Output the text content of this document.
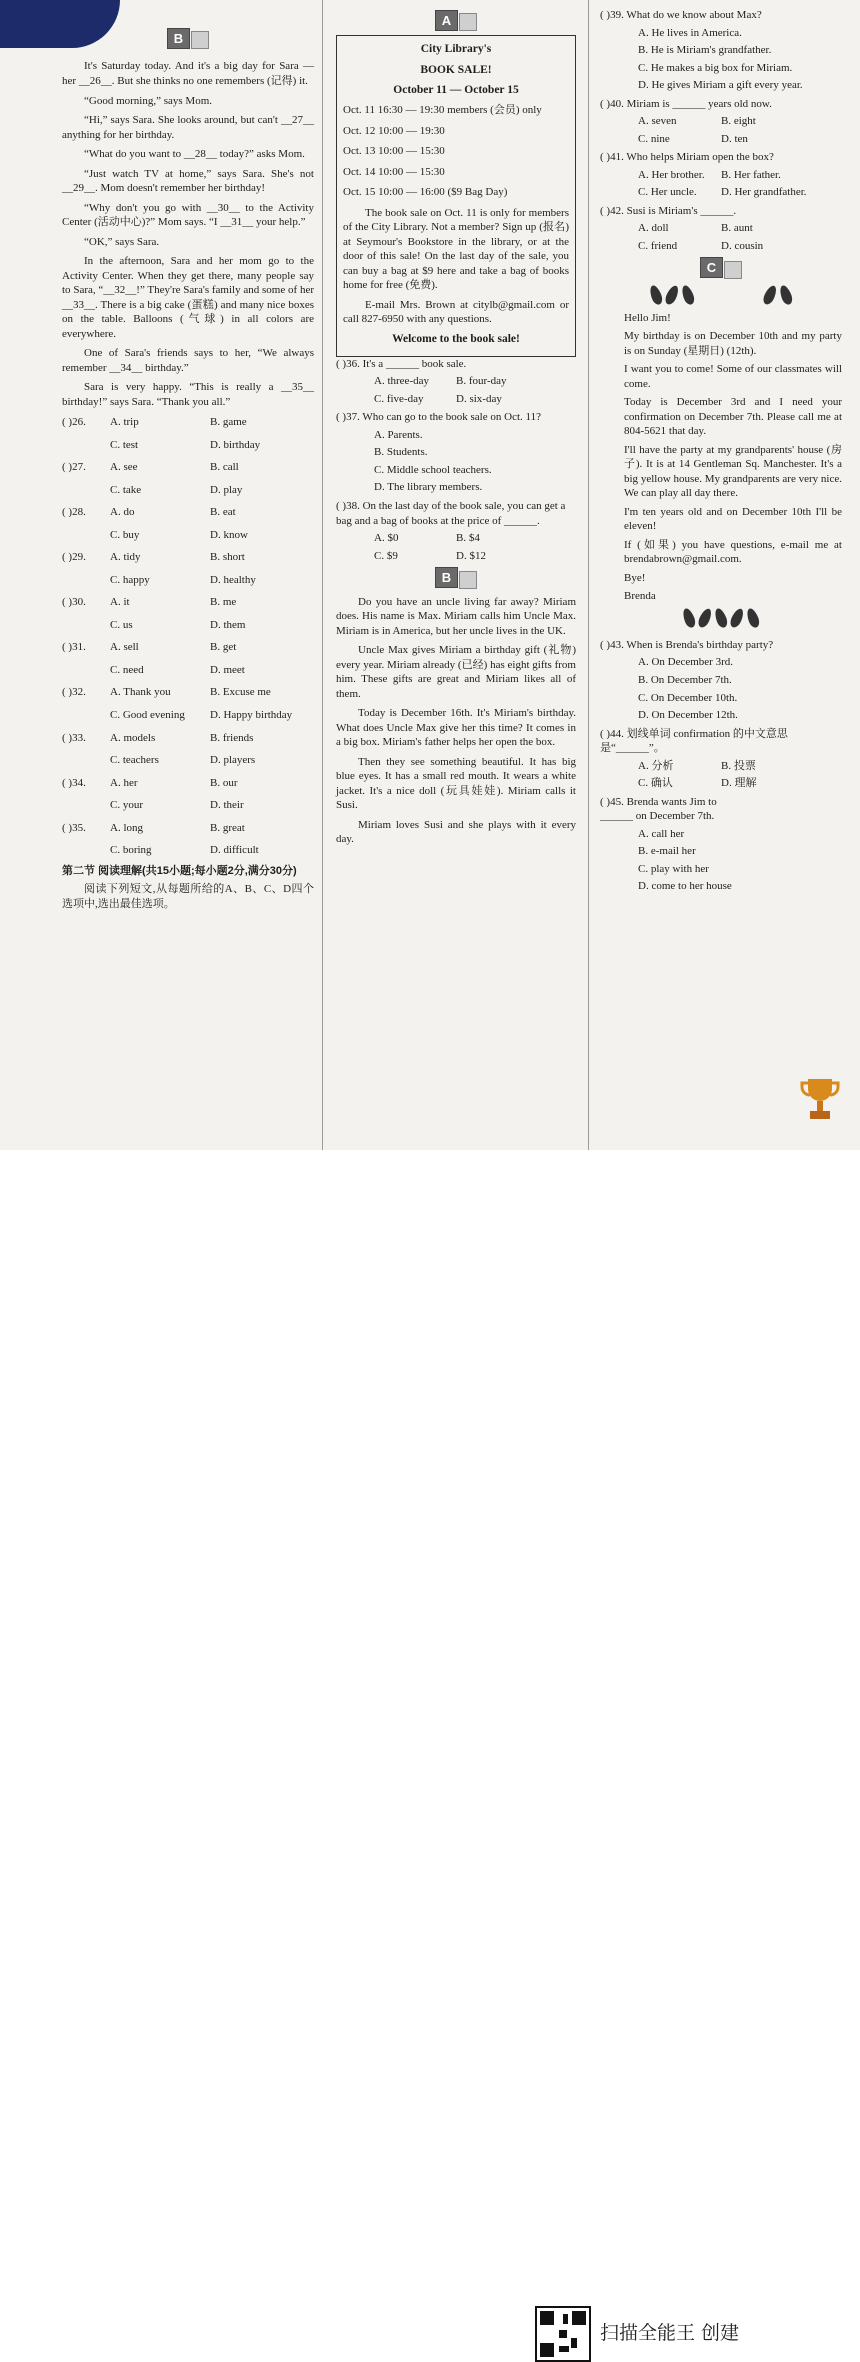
B

It's Saturday today. And it's a big day for Sara — her __26__. But she thinks no one remembers (记得) it.

“Good morning,” says Mom.

“Hi,” says Sara. She looks around, but can't __27__ anything for her birthday.

“What do you want to __28__ today?” asks Mom.

“Just watch TV at home,” says Sara. She's not __29__. Mom doesn't remember her birthday!

“Why don't you go with __30__ to the Activity Center (活动中心)?” Mom says. “I __31__ your help.”

“OK,” says Sara.

In the afternoon, Sara and her mom go to the Activity Center. When they get there, many people say to Sara, “__32__!” They're Sara's family and some of her __33__. There is a big cake (蛋糕) and many nice boxes on the table. Balloons (气球) in all colors are everywhere.

One of Sara's friends says to her, “We always remember __34__ birthday.”

Sara is very happy. “This is really a __35__ birthday!” says Sara. “Thank you all.”

( )26.	A. trip	B. game
C. test	D. birthday
( )27.	A. see	B. call
C. take	D. play
( )28.	A. do	B. eat
C. buy	D. know
( )29.	A. tidy	B. short
C. happy	D. healthy
( )30.	A. it	B. me
C. us	D. them
( )31.	A. sell	B. get
C. need	D. meet
( )32.	A. Thank you	B. Excuse me
C. Good evening	D. Happy birthday
( )33.	A. models	B. friends
C. teachers	D. players
( )34.	A. her	B. our
C. your	D. their
( )35.	A. long	B. great
C. boring	D. difficult
第二节 阅读理解(共15小题;每小题2分,满分30分)

阅读下列短文,从每题所给的A、B、C、D四个选项中,选出最佳选项。

A
City Library's
BOOK SALE!
October 11 — October 15
Oct. 11 16:30 — 19:30 members (会员) only
Oct. 12 10:00 — 19:30
Oct. 13 10:00 — 15:30
Oct. 14 10:00 — 15:30
Oct. 15 10:00 — 16:00 ($9 Bag Day)

The book sale on Oct. 11 is only for members of the City Library. Not a member? Sign up (报名) at Seymour's Bookstore in the library, or at the door of this sale! On the last day of the sale, you can buy a bag at $9 here and take a bag of books home for free (免费).

E-mail Mrs. Brown at citylb@gmail.com or call 827-6950 with any questions.

Welcome to the book sale!
( )36. It's a ______ book sale.
A. three-day	B. four-day
C. five-day	D. six-day
( )37. Who can go to the book sale on Oct. 11?
A. Parents.
B. Students.
C. Middle school teachers.
D. The library members.
( )38. On the last day of the book sale, you can get a bag and a bag of books at the price of ______.
A. $0	B. $4
C. $9	D. $12
B

Do you have an uncle living far away? Miriam does. His name is Max. Miriam calls him Uncle Max. Miriam is in America, but her uncle lives in the UK.

Uncle Max gives Miriam a birthday gift (礼物) every year. Miriam already (已经) has eight gifts from him. These gifts are great and Miriam likes all of them.

Today is December 16th. It's Miriam's birthday. What does Uncle Max give her this time? It comes in a big box. Miriam's father helps her open the box.

Then they see something beautiful. It has big blue eyes. It has a small red mouth. It wears a white jacket. It's a nice doll (玩具娃娃). Miriam calls it Susi.

Miriam loves Susi and she plays with it every day.

( )39. What do we know about Max?
A. He lives in America.
B. He is Miriam's grandfather.
C. He makes a big box for Miriam.
D. He gives Miriam a gift every year.
( )40. Miriam is ______ years old now.
A. seven	B. eight
C. nine	D. ten
( )41. Who helps Miriam open the box?
A. Her brother.	B. Her father.
C. Her uncle.	D. Her grandfather.
( )42. Susi is Miriam's ______.
A. doll	B. aunt
C. friend	D. cousin
C

Hello Jim!

My birthday is on December 10th and my party is on Sunday (星期日) (12th).

I want you to come! Some of our classmates will come.

Today is December 3rd and I need your confirmation on December 7th. Please call me at 804-5621 that day.

I'll have the party at my grandparents' house (房子). It is at 14 Gentleman Sq. Manchester. It's a big yellow house. My grandparents are very nice. We can play all day there.

I'm ten years old and on December 10th I'll be eleven!

If (如果) you have questions, e-mail me at brendabrown@gmail.com.

Bye!

Brenda

( )43. When is Brenda's birthday party?
A. On December 3rd.
B. On December 7th.
C. On December 10th.
D. On December 12th.
( )44. 划线单词 confirmation 的中文意思是“______”。
A. 分析	B. 投票
C. 确认	D. 理解
( )45. Brenda wants Jim to ______ on December 7th.
A. call her
B. e-mail her
C. play with her
D. come to her house
扫描全能王 创建
